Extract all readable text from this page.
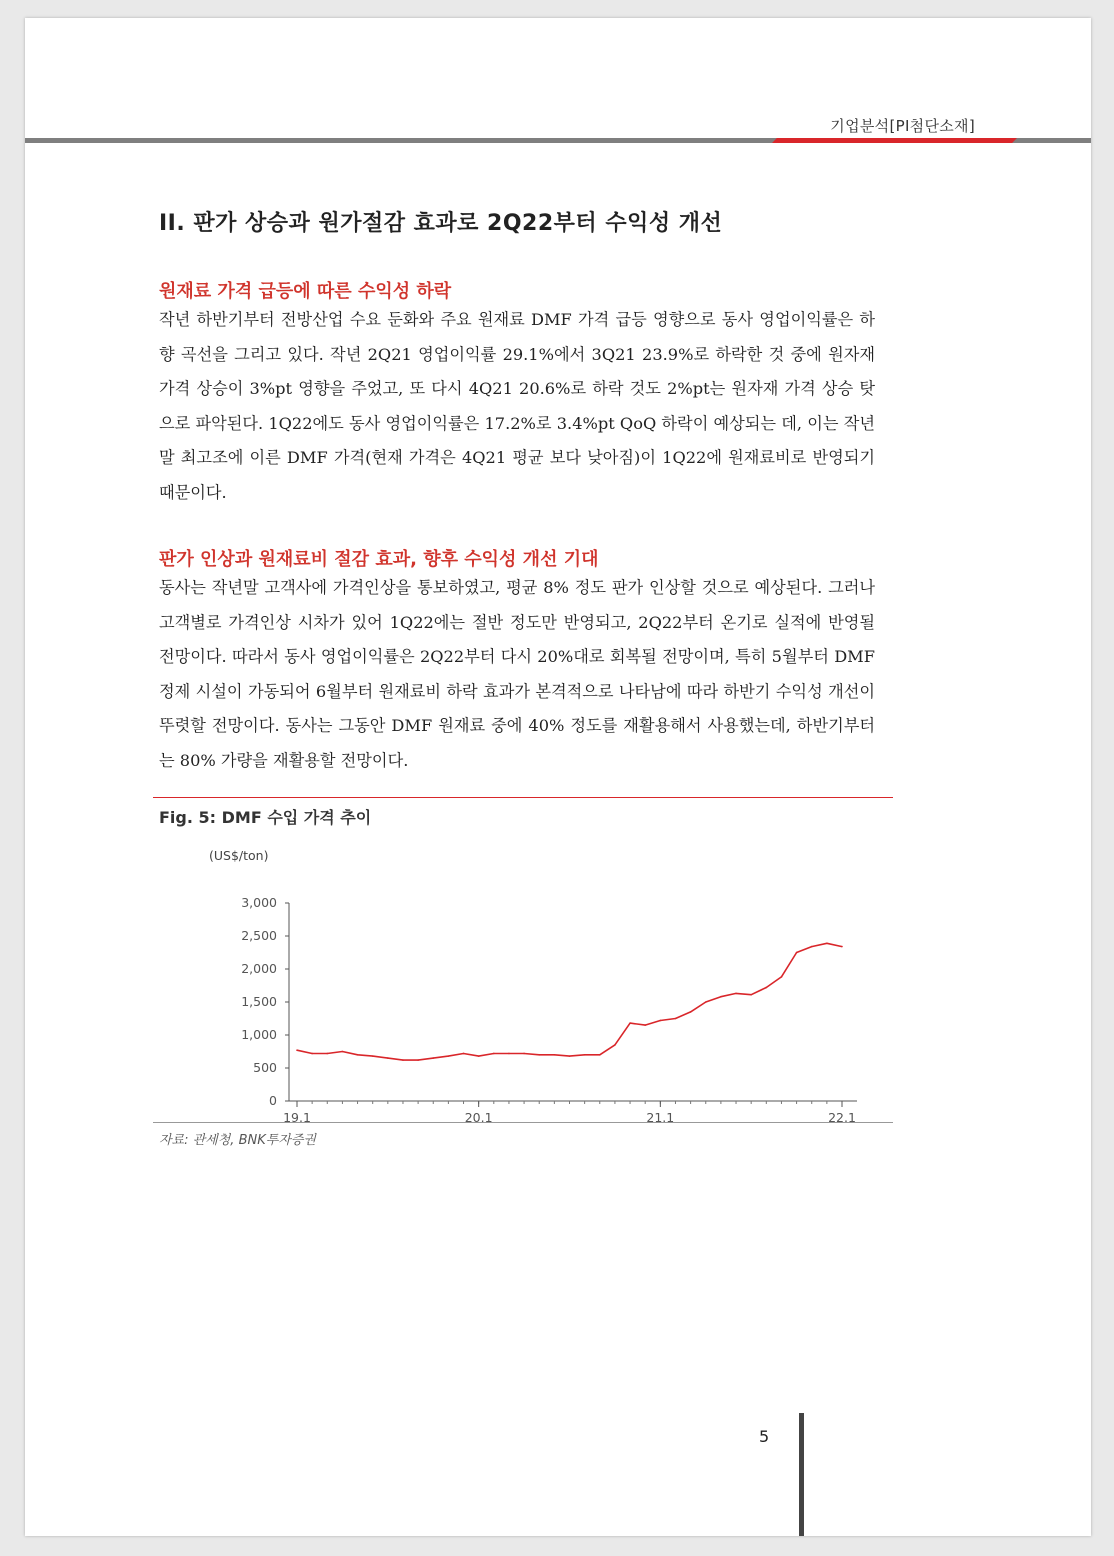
기업분석[PI첨단소재]
II. 판가 상승과 원가절감 효과로 2Q22부터 수익성 개선
원재료 가격 급등에 따른 수익성 하락
작년 하반기부터 전방산업 수요 둔화와 주요 원재료 DMF 가격 급등 영향으로 동사 영업이익률은 하향 곡선을 그리고 있다. 작년 2Q21 영업이익률 29.1%에서 3Q21 23.9%로 하락한 것 중에 원자재 가격 상승이 3%pt 영향을 주었고, 또 다시 4Q21 20.6%로 하락 것도 2%pt는 원자재 가격 상승 탓으로 파악된다. 1Q22에도 동사 영업이익률은 17.2%로 3.4%pt QoQ 하락이 예상되는 데, 이는 작년 말 최고조에 이른 DMF 가격(현재 가격은 4Q21 평균 보다 낮아짐)이 1Q22에 원재료비로 반영되기 때문이다.
판가 인상과 원재료비 절감 효과, 향후 수익성 개선 기대
동사는 작년말 고객사에 가격인상을 통보하였고, 평균 8% 정도 판가 인상할 것으로 예상된다. 그러나 고객별로 가격인상 시차가 있어 1Q22에는 절반 정도만 반영되고, 2Q22부터 온기로 실적에 반영될 전망이다. 따라서 동사 영업이익률은 2Q22부터 다시 20%대로 회복될 전망이며, 특히 5월부터 DMF 정제 시설이 가동되어 6월부터 원재료비 하락 효과가 본격적으로 나타남에 따라 하반기 수익성 개선이 뚜렷할 전망이다. 동사는 그동안 DMF 원재료 중에 40% 정도를 재활용해서 사용했는데, 하반기부터는 80% 가량을 재활용할 전망이다.
Fig. 5: DMF 수입 가격 추이
(US$/ton)
0
500
1,000
1,500
2,000
2,500
3,000
19.1	20.1	21.1	22.1
자료: 관세청, BNK투자증권
5
